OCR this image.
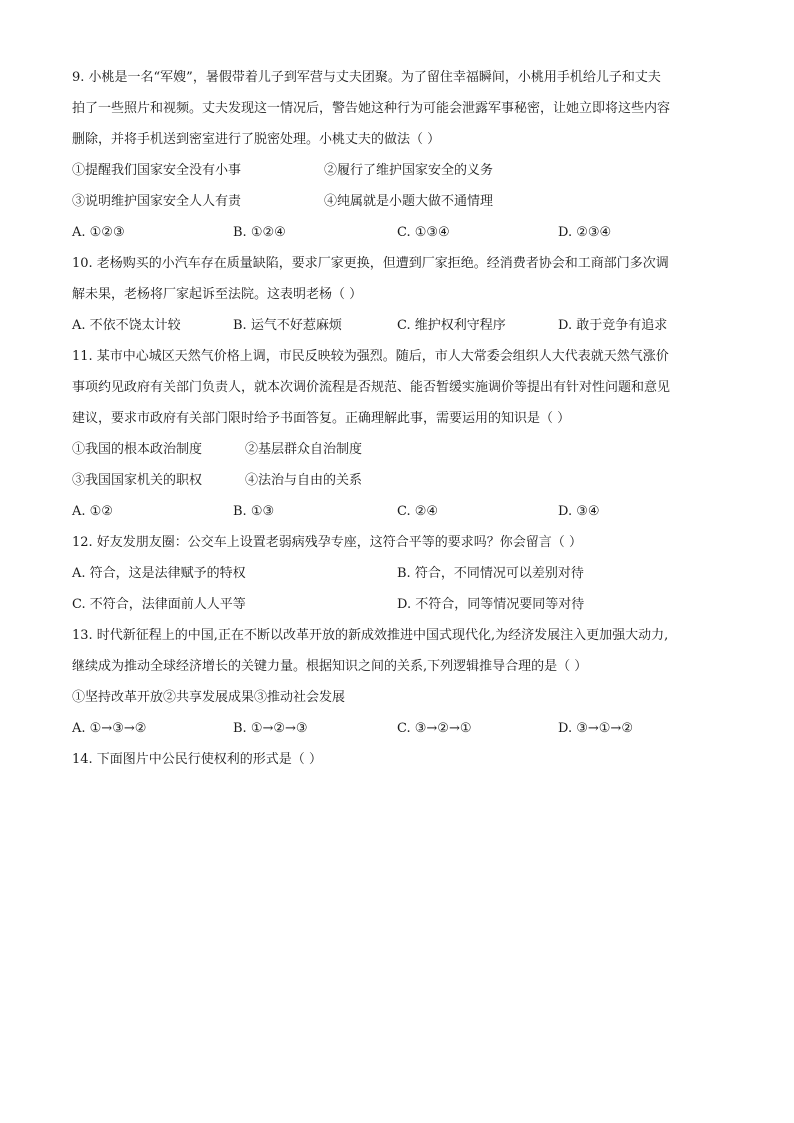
9. 小桃是一名“军嫂”，暑假带着儿子到军营与丈夫团聚。为了留住幸福瞬间，小桃用手机给儿子和丈夫
拍了一些照片和视频。丈夫发现这一情况后，警告她这种行为可能会泄露军事秘密，让她立即将这些内容
删除，并将手机送到密室进行了脱密处理。小桃丈夫的做法（ ）
①提醒我们国家安全没有小事	②履行了维护国家安全的义务
③说明维护国家安全人人有责	④纯属就是小题大做不通情理
A. ①②③	B. ①②④	C. ①③④	D. ②③④
10. 老杨购买的小汽车存在质量缺陷，要求厂家更换，但遭到厂家拒绝。经消费者协会和工商部门多次调
解未果，老杨将厂家起诉至法院。这表明老杨（ ）
A. 不依不饶太计较	B. 运气不好惹麻烦	C. 维护权利守程序	D. 敢于竞争有追求
11. 某市中心城区天然气价格上调，市民反映较为强烈。随后，市人大常委会组织人大代表就天然气涨价
事项约见政府有关部门负责人，就本次调价流程是否规范、能否暂缓实施调价等提出有针对性问题和意见
建议，要求市政府有关部门限时给予书面答复。正确理解此事，需要运用的知识是（ ）
①我国的根本政治制度	②基层群众自治制度
③我国国家机关的职权	④法治与自由的关系
A. ①②	B. ①③	C. ②④	D. ③④
12. 好友发朋友圈：公交车上设置老弱病残孕专座，这符合平等的要求吗？你会留言（ ）
A. 符合，这是法律赋予的特权	B. 符合，不同情况可以差别对待
C. 不符合，法律面前人人平等	D. 不符合，同等情况要同等对待
13. 时代新征程上的中国,正在不断以改革开放的新成效推进中国式现代化,为经济发展注入更加强大动力,
继续成为推动全球经济增长的关键力量。根据知识之间的关系,下列逻辑推导合理的是（ ）
①坚持改革开放②共享发展成果③推动社会发展
A. ①→③→②	B. ①→②→③	C. ③→②→①	D. ③→①→②
14. 下面图片中公民行使权利的形式是（ ）
